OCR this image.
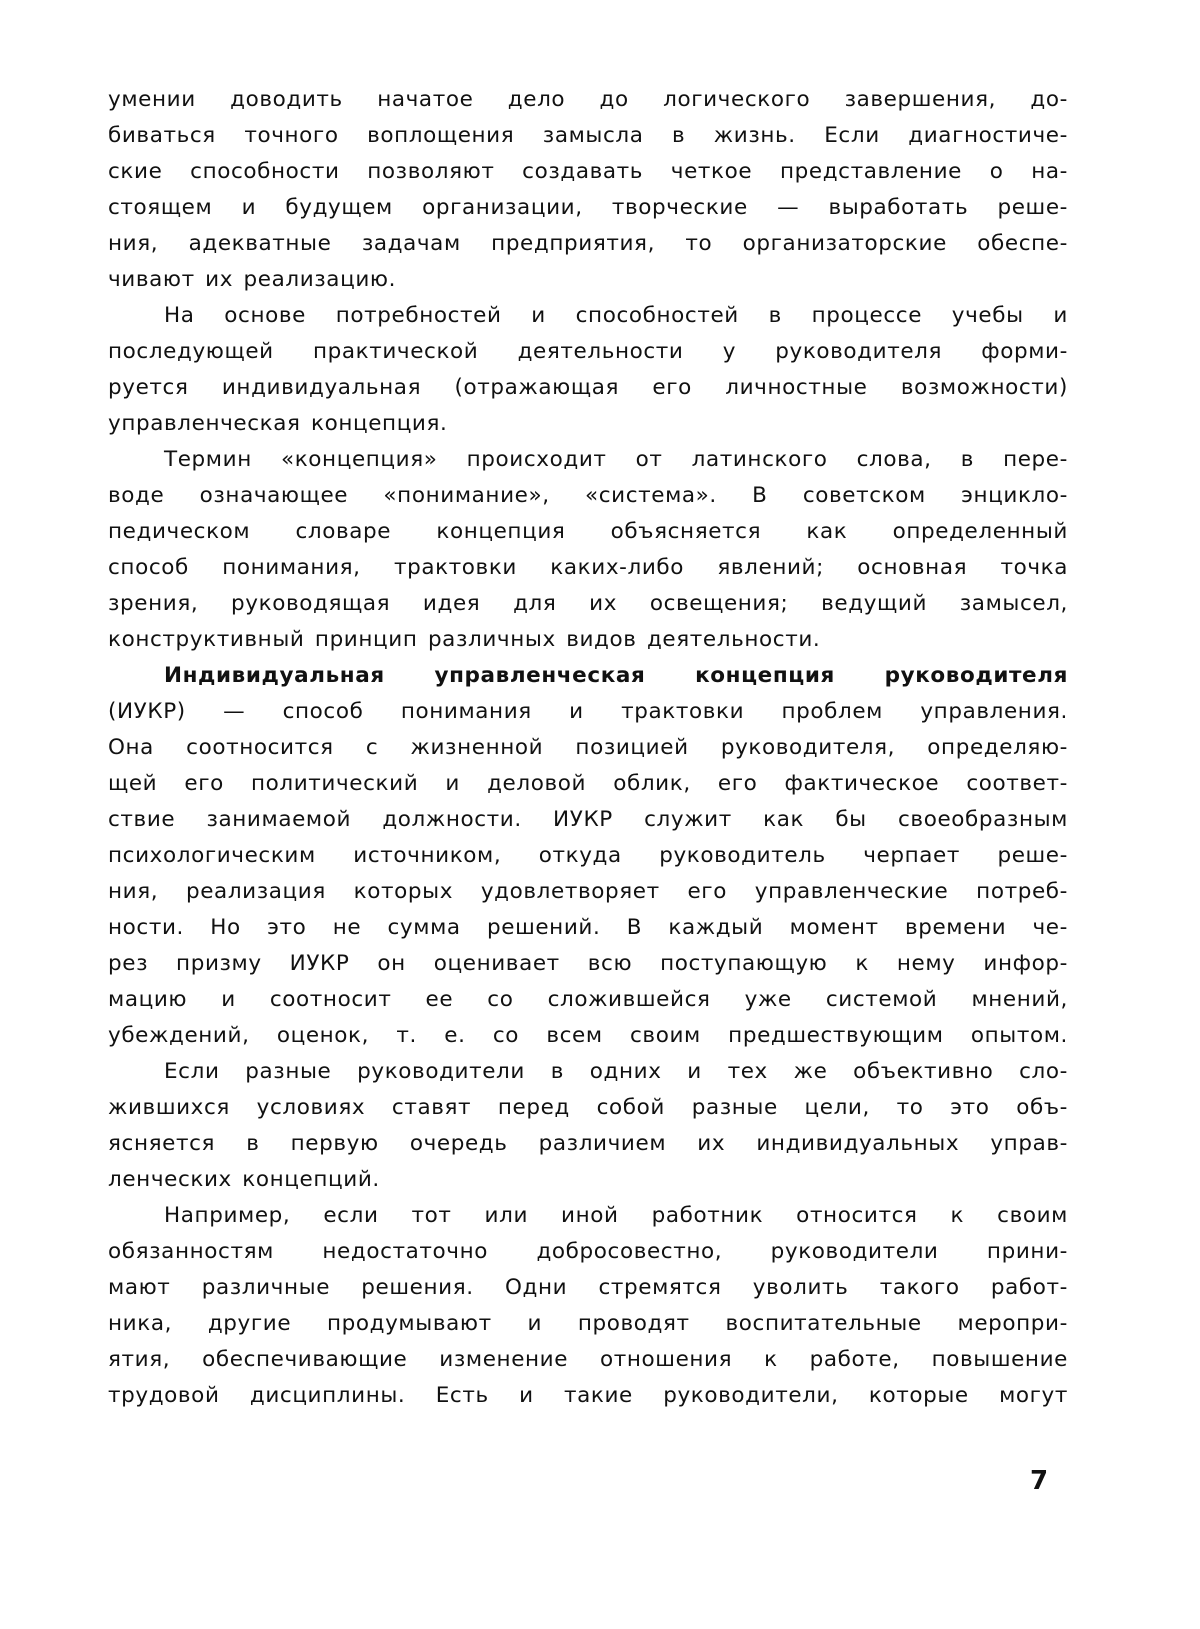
умении доводить начатое дело до логического завершения, до-
биваться точного воплощения замысла в жизнь. Если диагностиче-
ские способности позволяют создавать четкое представление о на-
стоящем и будущем организации, творческие — выработать реше-
ния, адекватные задачам предприятия, то организаторские обеспе-
чивают их реализацию.
На основе потребностей и способностей в процессе учебы и
последующей практической деятельности у руководителя форми-
руется индивидуальная (отражающая его личностные возможности)
управленческая концепция.
Термин «концепция» происходит от латинского слова, в пере-
воде означающее «понимание», «система». В советском энцикло-
педическом словаре концепция объясняется как определенный
способ понимания, трактовки каких-либо явлений; основная точка
зрения, руководящая идея для их освещения; ведущий замысел,
конструктивный принцип различных видов деятельности.
Индивидуальная управленческая концепция руководителя
(ИУКР) — способ понимания и трактовки проблем управления.
Она соотносится с жизненной позицией руководителя, определяю-
щей его политический и деловой облик, его фактическое соответ-
ствие занимаемой должности. ИУКР служит как бы своеобразным
психологическим источником, откуда руководитель черпает реше-
ния, реализация которых удовлетворяет его управленческие потреб-
ности. Но это не сумма решений. В каждый момент времени че-
рез призму ИУКР он оценивает всю поступающую к нему инфор-
мацию и соотносит ее со сложившейся уже системой мнений,
убеждений, оценок, т. е. со всем своим предшествующим опытом.
Если разные руководители в одних и тех же объективно сло-
жившихся условиях ставят перед собой разные цели, то это объ-
ясняется в первую очередь различием их индивидуальных управ-
ленческих концепций.
Например, если тот или иной работник относится к своим
обязанностям недостаточно добросовестно, руководители прини-
мают различные решения. Одни стремятся уволить такого работ-
ника, другие продумывают и проводят воспитательные меропри-
ятия, обеспечивающие изменение отношения к работе, повышение
трудовой дисциплины. Есть и такие руководители, которые могут
7
